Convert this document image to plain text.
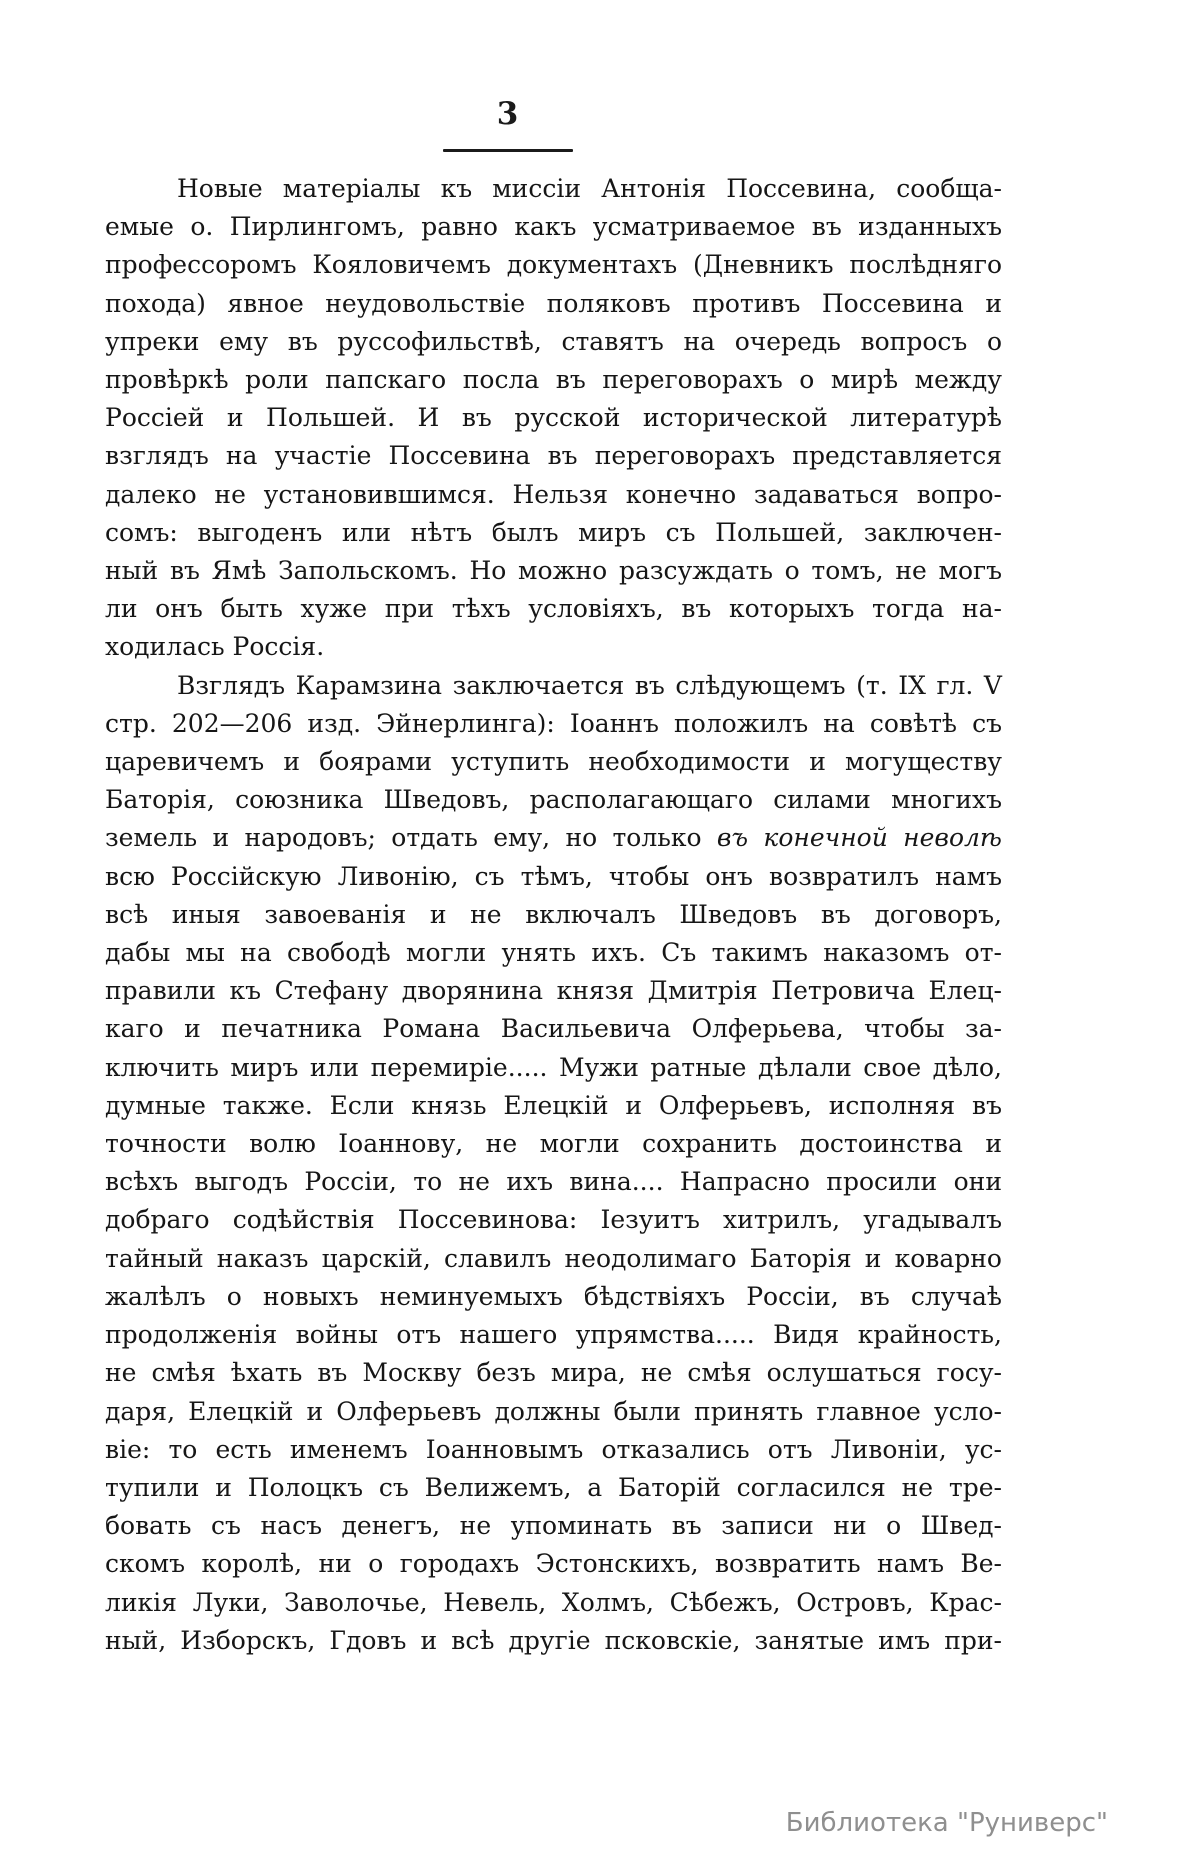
3
Новые матеріалы къ миссіи Антонія Поссевина, сообща-
емые о. Пирлингомъ, равно какъ усматриваемое въ изданныхъ
профессоромъ Кояловичемъ документахъ (Дневникъ послѣдняго
похода) явное неудовольствіе поляковъ противъ Поссевина и
упреки ему въ руссофильствѣ, ставятъ на очередь вопросъ о
провѣркѣ роли папскаго посла въ переговорахъ о мирѣ между
Россіей и Польшей. И въ русской исторической литературѣ
взглядъ на участіе Поссевина въ переговорахъ представляется
далеко не установившимся. Нельзя конечно задаваться вопро-
сомъ: выгоденъ или нѣтъ былъ миръ съ Польшей, заключен-
ный въ Ямѣ Запольскомъ. Но можно разсуждать о томъ, не могъ
ли онъ быть хуже при тѣхъ условіяхъ, въ которыхъ тогда на-
ходилась Россія.
Взглядъ Карамзина заключается въ слѣдующемъ (т. IX гл. V
стр. 202—206 изд. Эйнерлинга): Іоаннъ положилъ на совѣтѣ съ
царевичемъ и боярами уступить необходимости и могуществу
Баторія, союзника Шведовъ, располагающаго силами многихъ
земель и народовъ; отдать ему, но только въ конечной неволѣ
всю Россійскую Ливонію, съ тѣмъ, чтобы онъ возвратилъ намъ
всѣ иныя завоеванія и не включалъ Шведовъ въ договоръ,
дабы мы на свободѣ могли унять ихъ. Съ такимъ наказомъ от-
правили къ Стефану дворянина князя Дмитрія Петровича Елец-
каго и печатника Романа Васильевича Олферьева, чтобы за-
ключить миръ или перемиріе..... Мужи ратные дѣлали свое дѣло,
думные также. Если князь Елецкій и Олферьевъ, исполняя въ
точности волю Іоаннову, не могли сохранить достоинства и
всѣхъ выгодъ Россіи, то не ихъ вина.... Напрасно просили они
добраго содѣйствія Поссевинова: Іезуитъ хитрилъ, угадывалъ
тайный наказъ царскій, славилъ неодолимаго Баторія и коварно
жалѣлъ о новыхъ неминуемыхъ бѣдствіяхъ Россіи, въ случаѣ
продолженія войны отъ нашего упрямства..... Видя крайность,
не смѣя ѣхать въ Москву безъ мира, не смѣя ослушаться госу-
даря, Елецкій и Олферьевъ должны были принять главное усло-
віе: то есть именемъ Іоанновымъ отказались отъ Ливоніи, ус-
тупили и Полоцкъ съ Велижемъ, а Баторій согласился не тре-
бовать съ насъ денегъ, не упоминать въ записи ни о Швед-
скомъ королѣ, ни о городахъ Эстонскихъ, возвратить намъ Ве-
ликія Луки, Заволочье, Невель, Холмъ, Сѣбежъ, Островъ, Крас-
ный, Изборскъ, Гдовъ и всѣ другіе псковскіе, занятые имъ при-
Библиотека "Руниверс"
